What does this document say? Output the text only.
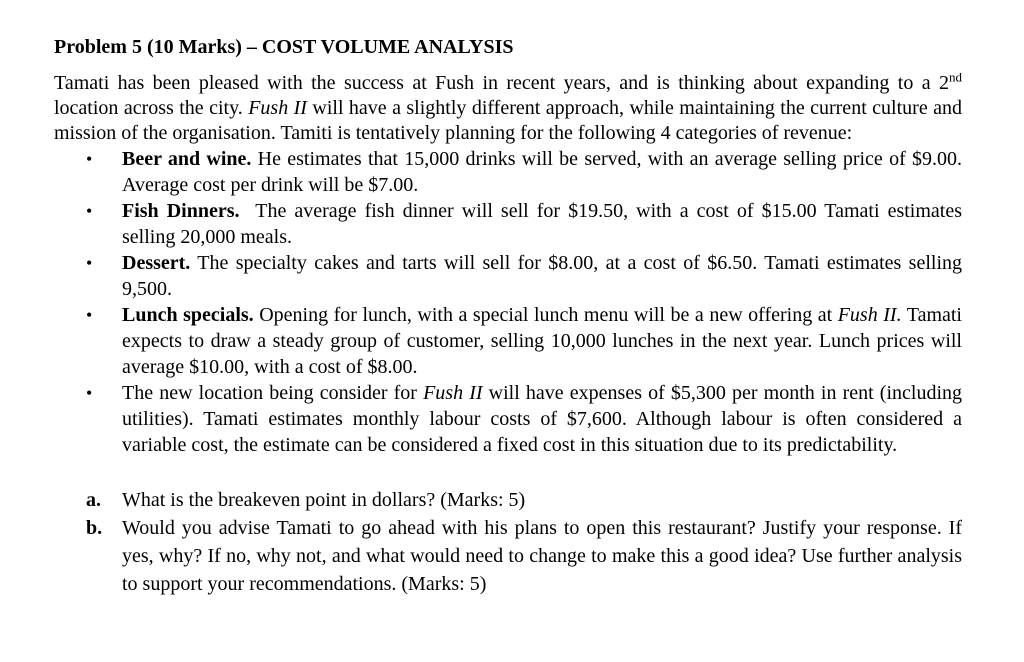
Problem 5 (10 Marks) – COST VOLUME ANALYSIS

Tamati has been pleased with the success at Fush in recent years, and is thinking about expanding to a 2nd location across the city. Fush II will have a slightly different approach, while maintaining the current culture and mission of the organisation. Tamiti is tentatively planning for the following 4 categories of revenue:

• Beer and wine. He estimates that 15,000 drinks will be served, with an average selling price of $9.00. Average cost per drink will be $7.00.
• Fish Dinners.  The average fish dinner will sell for $19.50, with a cost of $15.00 Tamati estimates selling 20,000 meals.
• Dessert. The specialty cakes and tarts will sell for $8.00, at a cost of $6.50. Tamati estimates selling 9,500.
• Lunch specials. Opening for lunch, with a special lunch menu will be a new offering at Fush II. Tamati expects to draw a steady group of customer, selling 10,000 lunches in the next year. Lunch prices will average $10.00, with a cost of $8.00.
• The new location being consider for Fush II will have expenses of $5,300 per month in rent (including utilities). Tamati estimates monthly labour costs of $7,600. Although labour is often considered a variable cost, the estimate can be considered a fixed cost in this situation due to its predictability.
a. What is the breakeven point in dollars? (Marks: 5)
b. Would you advise Tamati to go ahead with his plans to open this restaurant? Justify your response. If yes, why? If no, why not, and what would need to change to make this a good idea? Use further analysis to support your recommendations. (Marks: 5)
